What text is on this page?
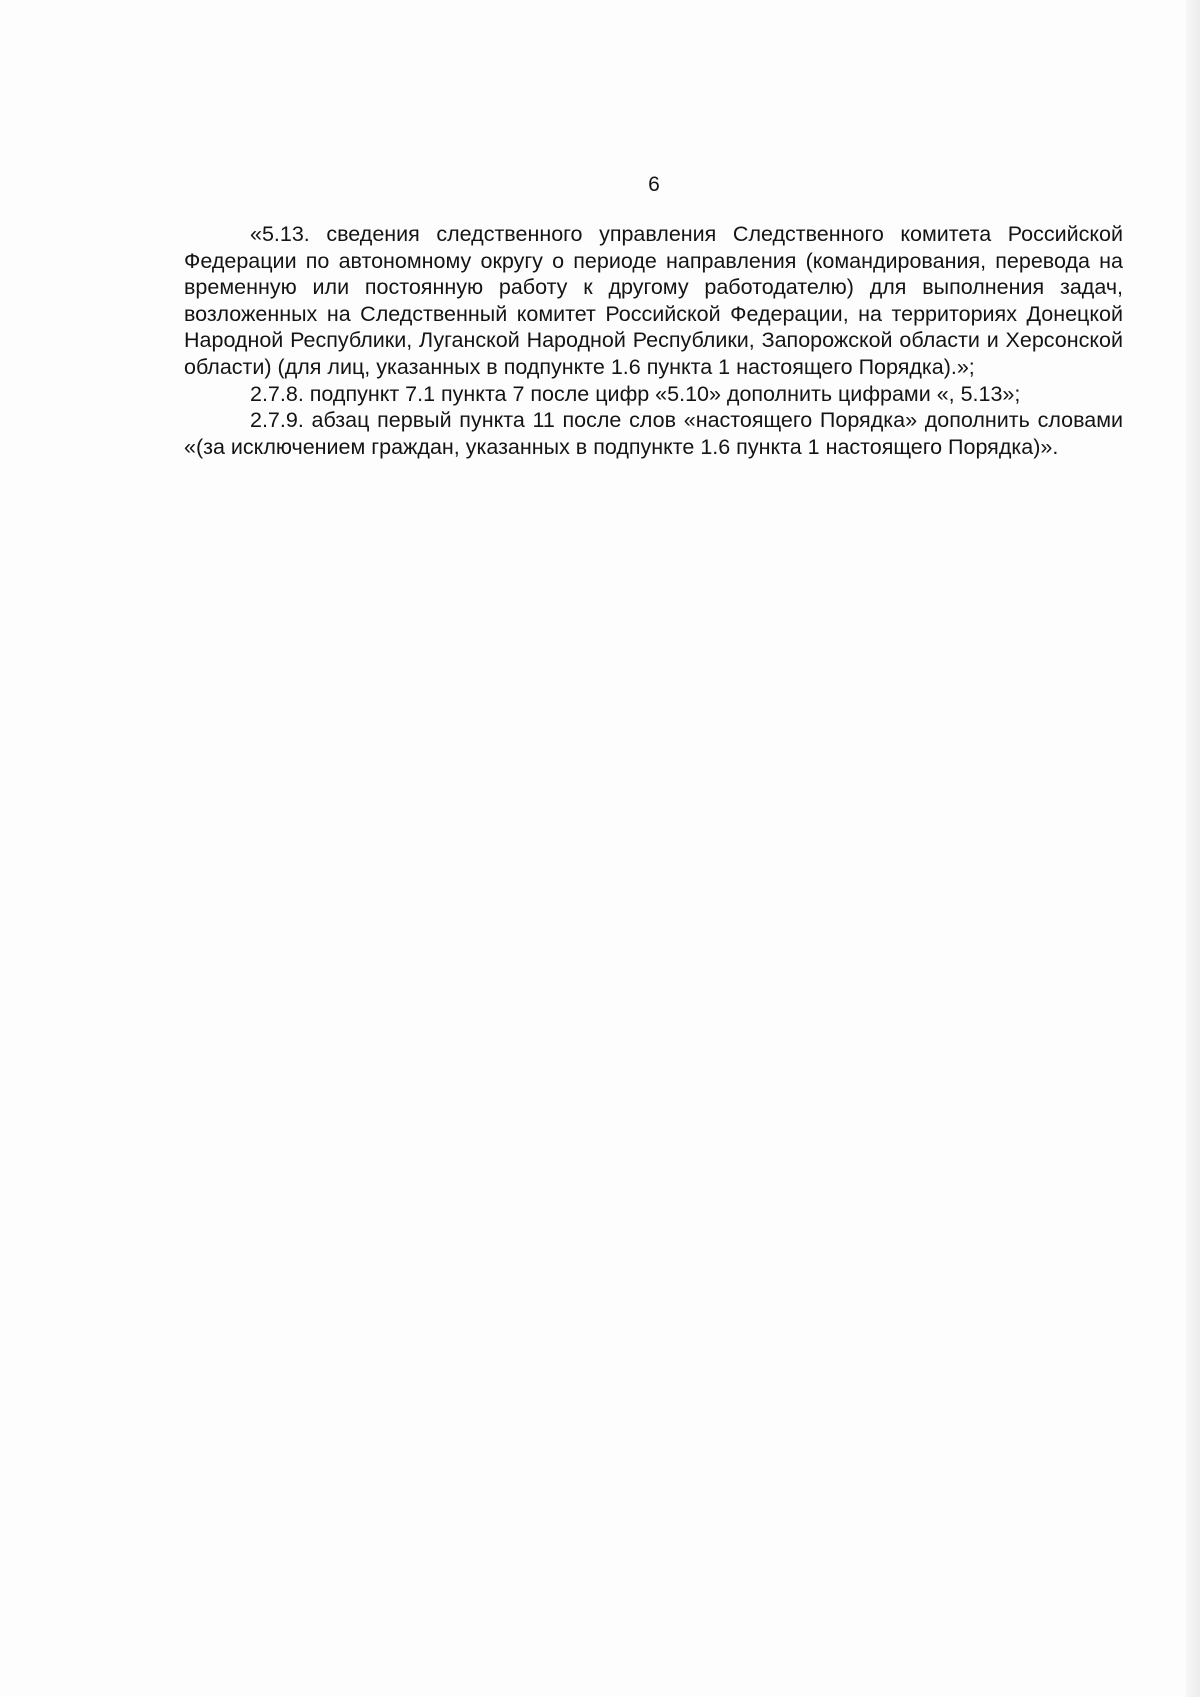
6

«5.13. сведения следственного управления Следственного комитета Российской Федерации по автономному округу о периоде направления (командирования, перевода на временную или постоянную работу к другому работодателю) для выполнения задач, возложенных на Следственный комитет Российской Федерации, на территориях Донецкой Народной Республики, Луганской Народной Республики, Запорожской области и Херсонской области) (для лиц, указанных в подпункте 1.6 пункта 1 настоящего Порядка).»;

2.7.8. подпункт 7.1 пункта 7 после цифр «5.10» дополнить цифрами «, 5.13»;

2.7.9. абзац первый пункта 11 после слов «настоящего Порядка» дополнить словами «(за исключением граждан, указанных в подпункте 1.6 пункта 1 настоящего Порядка)».
